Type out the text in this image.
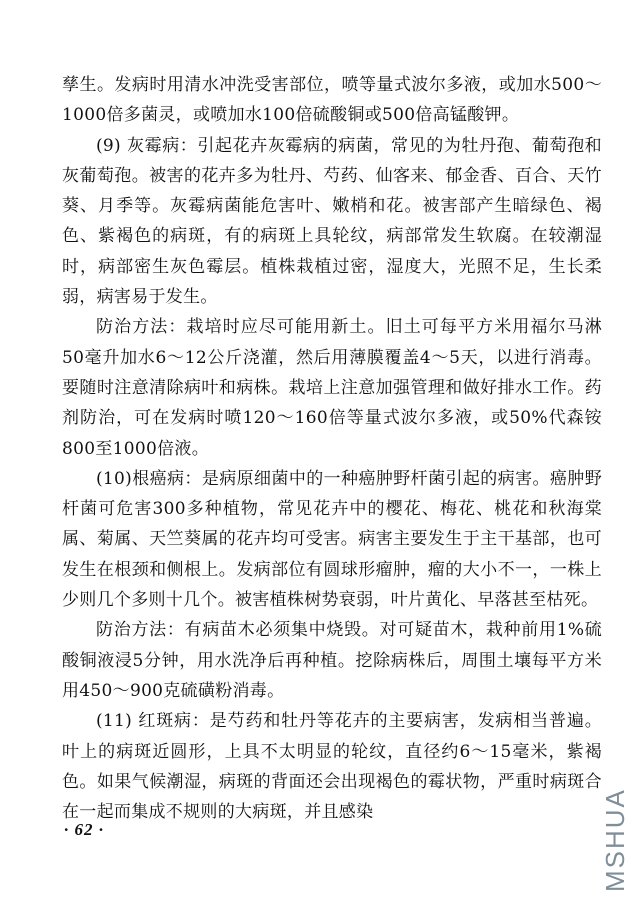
孳生。发病时用清水冲洗受害部位，喷等量式波尔多液，或加水500～1000倍多菌灵，或喷加水100倍硫酸铜或500倍高锰酸钾。

(9) 灰霉病：引起花卉灰霉病的病菌，常见的为牡丹孢、葡萄孢和灰葡萄孢。被害的花卉多为牡丹、芍药、仙客来、郁金香、百合、天竹葵、月季等。灰霉病菌能危害叶、嫩梢和花。被害部产生暗绿色、褐色、紫褐色的病斑，有的病斑上具轮纹，病部常发生软腐。在较潮湿时，病部密生灰色霉层。植株栽植过密，湿度大，光照不足，生长柔弱，病害易于发生。

防治方法：栽培时应尽可能用新土。旧土可每平方米用福尔马淋50毫升加水6～12公斤浇灌，然后用薄膜覆盖4～5天，以进行消毒。要随时注意清除病叶和病株。栽培上注意加强管理和做好排水工作。药剂防治，可在发病时喷120～160倍等量式波尔多液，或50%代森铵800至1000倍液。

(10)根癌病：是病原细菌中的一种癌肿野杆菌引起的病害。癌肿野杆菌可危害300多种植物，常见花卉中的樱花、梅花、桃花和秋海棠属、菊属、天竺葵属的花卉均可受害。病害主要发生于主干基部，也可发生在根颈和侧根上。发病部位有圆球形瘤肿，瘤的大小不一，一株上少则几个多则十几个。被害植株树势衰弱，叶片黄化、早落甚至枯死。

防治方法：有病苗木必须集中烧毁。对可疑苗木，栽种前用1%硫酸铜液浸5分钟，用水洗净后再种植。挖除病株后，周围土壤每平方米用450～900克硫磺粉消毒。

(11) 红斑病：是芍药和牡丹等花卉的主要病害，发病相当普遍。叶上的病斑近圆形，上具不太明显的轮纹，直径约6～15毫米，紫褐色。如果气候潮湿，病斑的背面还会出现褐色的霉状物，严重时病斑合在一起而集成不规则的大病斑，并且感染

· 62 ·	MSHUA
